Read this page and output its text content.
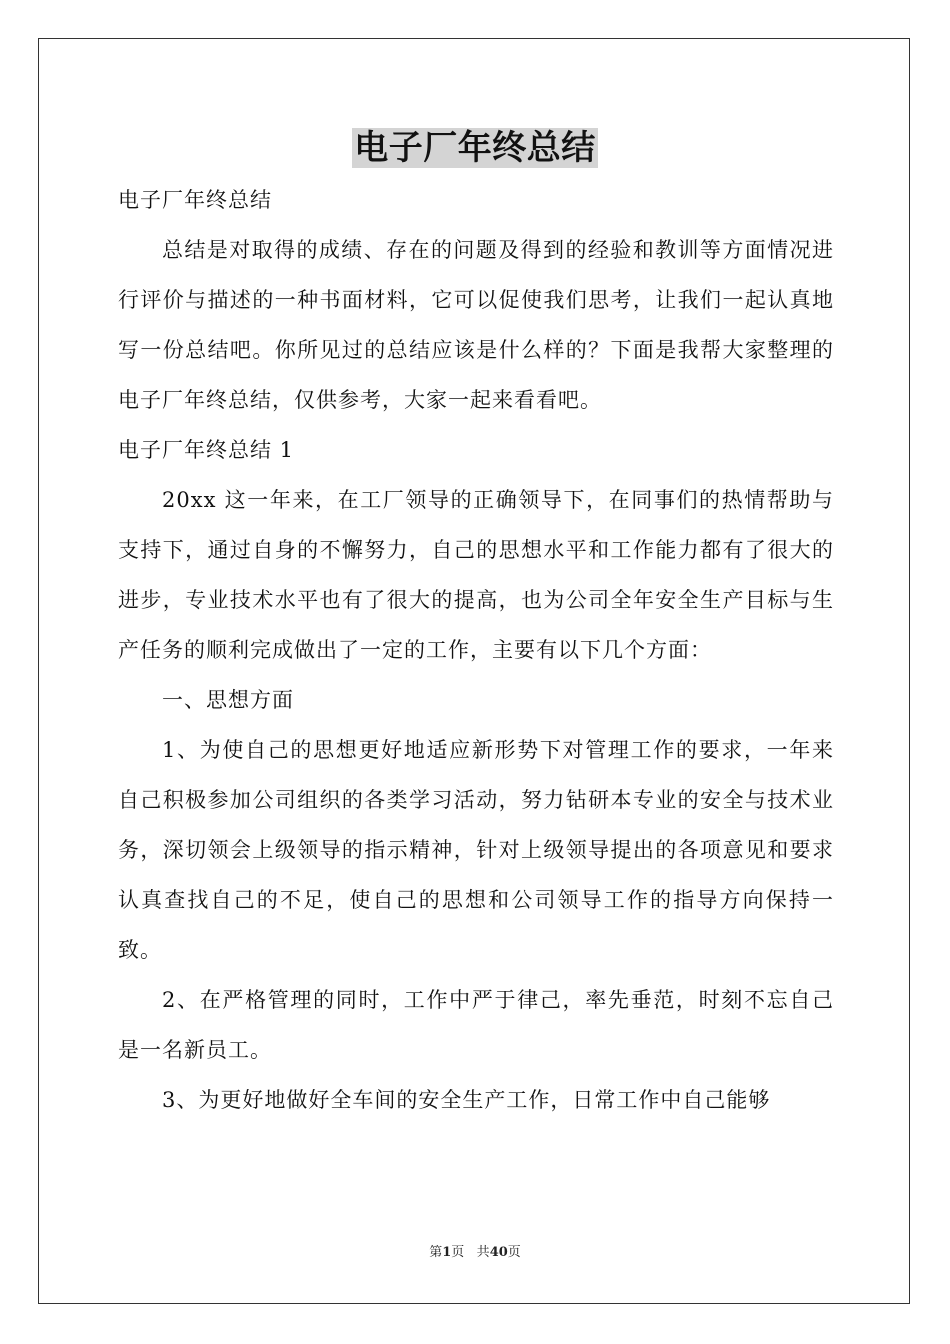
电子厂年终总结

电子厂年终总结

总结是对取得的成绩、存在的问题及得到的经验和教训等方面情况进行评价与描述的一种书面材料，它可以促使我们思考，让我们一起认真地写一份总结吧。你所见过的总结应该是什么样的？下面是我帮大家整理的电子厂年终总结，仅供参考，大家一起来看看吧。

电子厂年终总结 1

20xx 这一年来，在工厂领导的正确领导下，在同事们的热情帮助与支持下，通过自身的不懈努力，自己的思想水平和工作能力都有了很大的进步，专业技术水平也有了很大的提高，也为公司全年安全生产目标与生产任务的顺利完成做出了一定的工作，主要有以下几个方面：

一、思想方面

1、为使自己的思想更好地适应新形势下对管理工作的要求，一年来自己积极参加公司组织的各类学习活动，努力钻研本专业的安全与技术业务，深切领会上级领导的指示精神，针对上级领导提出的各项意见和要求认真查找自己的不足，使自己的思想和公司领导工作的指导方向保持一致。

2、在严格管理的同时，工作中严于律己，率先垂范，时刻不忘自己是一名新员工。

3、为更好地做好全车间的安全生产工作，日常工作中自己能够

第1页 共40页
